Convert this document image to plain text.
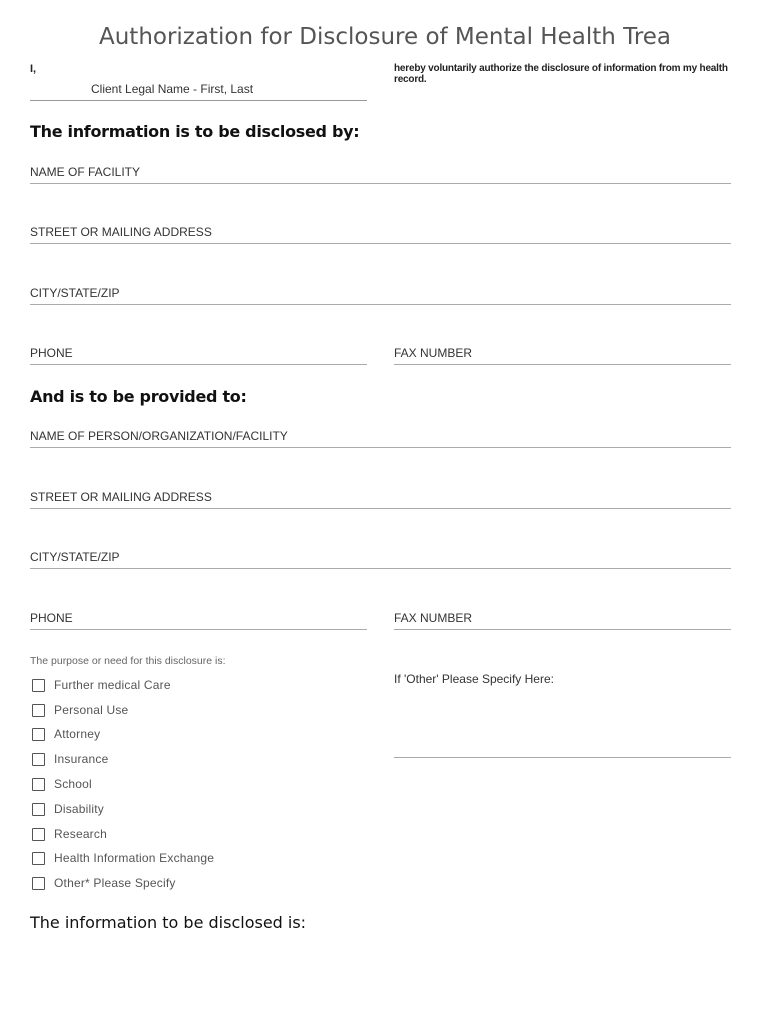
Authorization for Disclosure of Mental Health Trea
I,
Client Legal Name - First, Last
hereby voluntarily authorize the disclosure of information from my health record.
The information is to be disclosed by:
NAME OF FACILITY
STREET OR MAILING ADDRESS
CITY/STATE/ZIP
PHONE	FAX NUMBER
And is to be provided to:
NAME OF PERSON/ORGANIZATION/FACILITY
STREET OR MAILING ADDRESS
CITY/STATE/ZIP
PHONE	FAX NUMBER
The purpose or need for this disclosure is:
If 'Other' Please Specify Here:
Further medical Care
Personal Use
Attorney
Insurance
School
Disability
Research
Health Information Exchange
Other* Please Specify
The information to be disclosed is:
